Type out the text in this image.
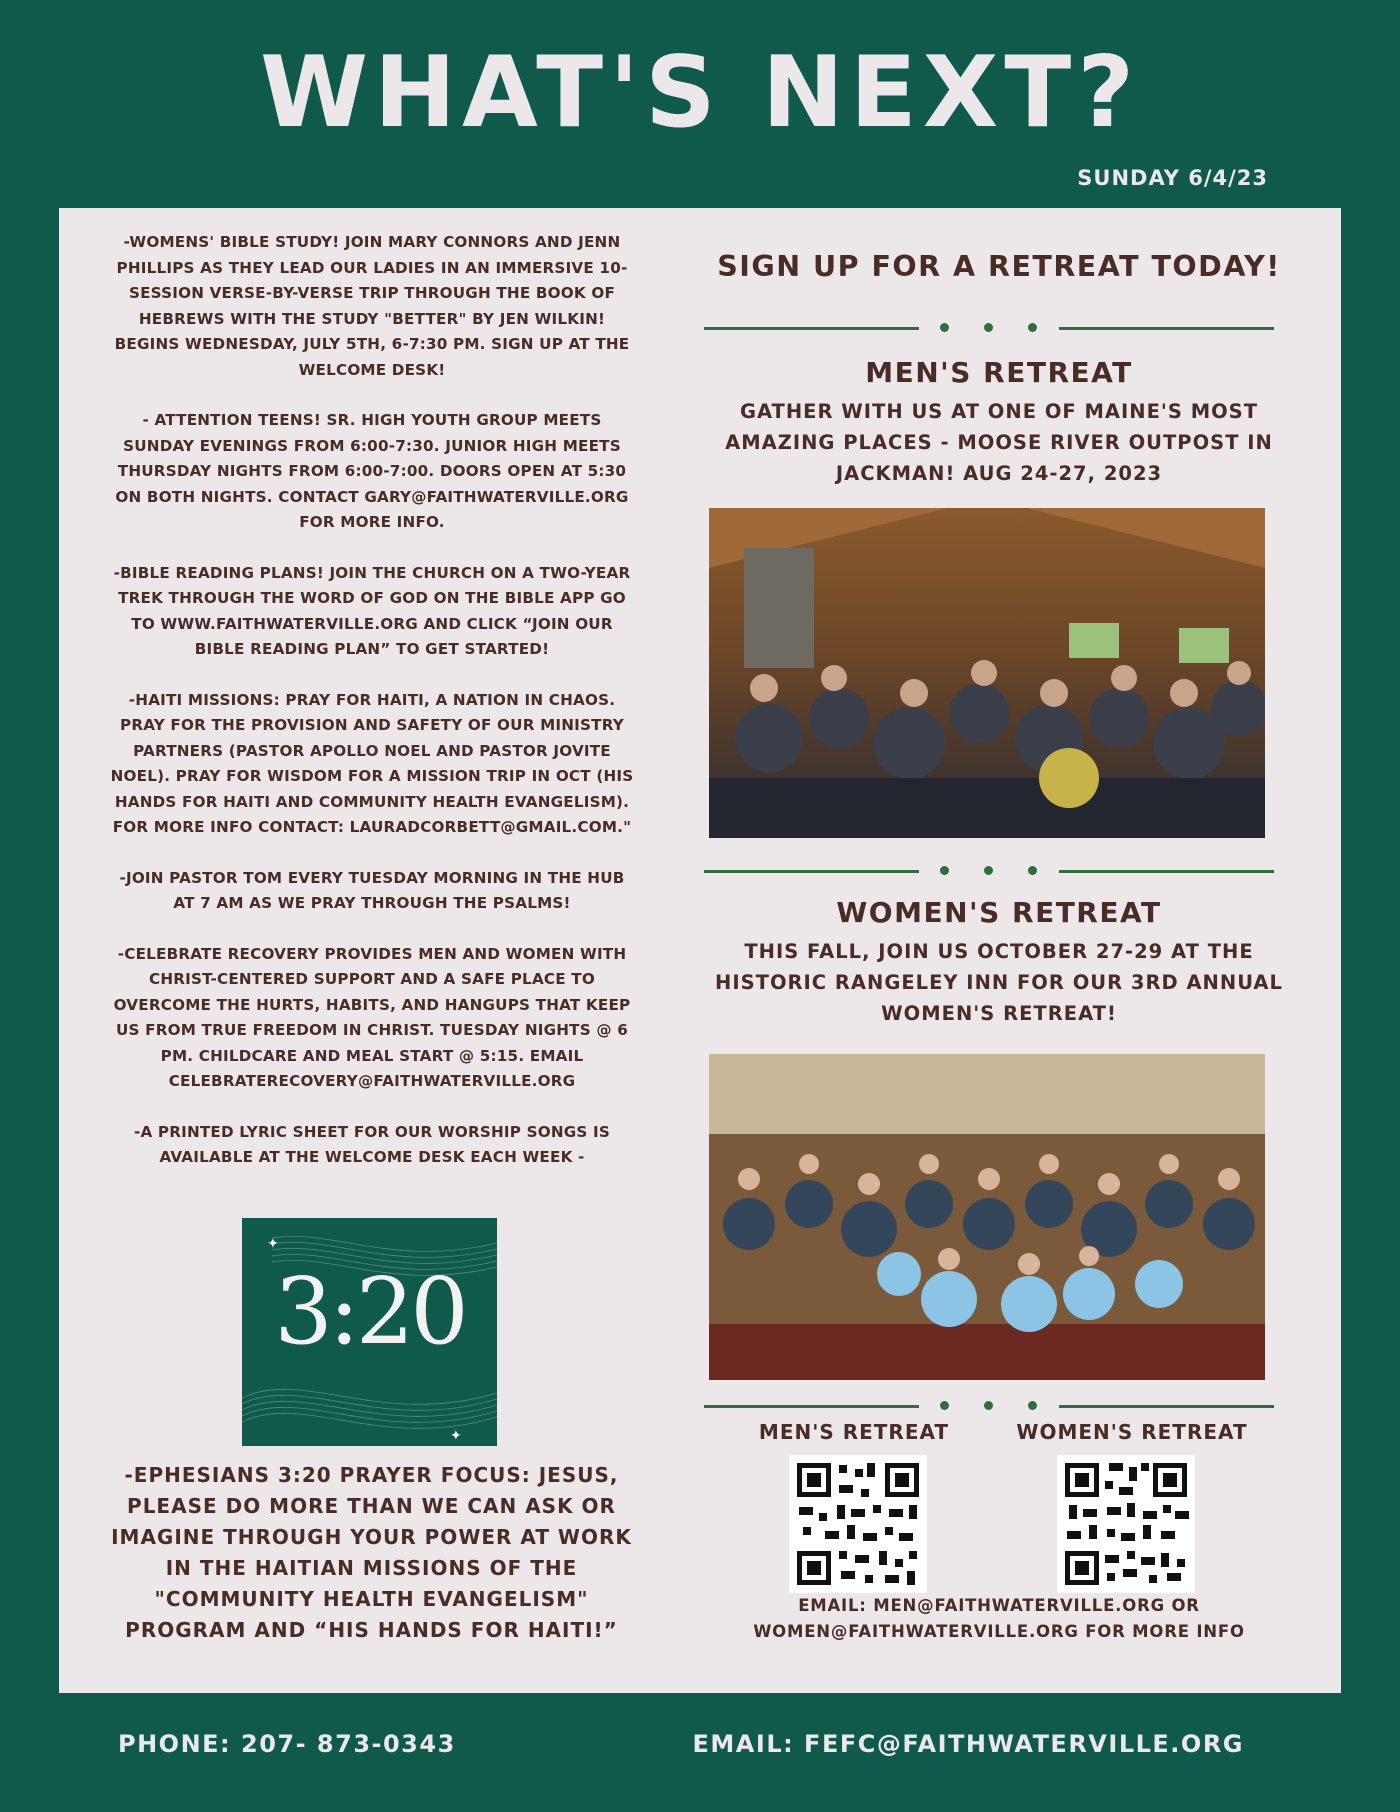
WHAT'S NEXT?
SUNDAY 6/4/23

-WOMENS' BIBLE STUDY! JOIN MARY CONNORS AND JENN PHILLIPS AS THEY LEAD OUR LADIES IN AN IMMERSIVE 10-SESSION VERSE-BY-VERSE TRIP THROUGH THE BOOK OF HEBREWS WITH THE STUDY "BETTER" BY JEN WILKIN! BEGINS WEDNESDAY, JULY 5TH, 6-7:30 PM. SIGN UP AT THE WELCOME DESK!

- ATTENTION TEENS! SR. HIGH YOUTH GROUP MEETS SUNDAY EVENINGS FROM 6:00-7:30. JUNIOR HIGH MEETS THURSDAY NIGHTS FROM 6:00-7:00. DOORS OPEN AT 5:30 ON BOTH NIGHTS. CONTACT GARY@FAITHWATERVILLE.ORG FOR MORE INFO.

-BIBLE READING PLANS! JOIN THE CHURCH ON A TWO-YEAR TREK THROUGH THE WORD OF GOD ON THE BIBLE APP GO TO WWW.FAITHWATERVILLE.ORG AND CLICK “JOIN OUR BIBLE READING PLAN” TO GET STARTED!

-HAITI MISSIONS: PRAY FOR HAITI, A NATION IN CHAOS. PRAY FOR THE PROVISION AND SAFETY OF OUR MINISTRY PARTNERS (PASTOR APOLLO NOEL AND PASTOR JOVITE NOEL). PRAY FOR WISDOM FOR A MISSION TRIP IN OCT (HIS HANDS FOR HAITI AND COMMUNITY HEALTH EVANGELISM). FOR MORE INFO CONTACT: LAURADCORBETT@GMAIL.COM."

-JOIN PASTOR TOM EVERY TUESDAY MORNING IN THE HUB AT 7 AM AS WE PRAY THROUGH THE PSALMS!

-CELEBRATE RECOVERY PROVIDES MEN AND WOMEN WITH CHRIST-CENTERED SUPPORT AND A SAFE PLACE TO OVERCOME THE HURTS, HABITS, AND HANGUPS THAT KEEP US FROM TRUE FREEDOM IN CHRIST. TUESDAY NIGHTS @ 6 PM. CHILDCARE AND MEAL START @ 5:15. EMAIL CELEBRATERECOVERY@FAITHWATERVILLE.ORG

-A PRINTED LYRIC SHEET FOR OUR WORSHIP SONGS IS AVAILABLE AT THE WELCOME DESK EACH WEEK -

✦
✦
3:20
-EPHESIANS 3:20 PRAYER FOCUS: JESUS, PLEASE DO MORE THAN WE CAN ASK OR IMAGINE THROUGH YOUR POWER AT WORK IN THE HAITIAN MISSIONS OF THE "COMMUNITY HEALTH EVANGELISM" PROGRAM AND “HIS HANDS FOR HAITI!”
SIGN UP FOR A RETREAT TODAY!
MEN'S RETREAT
GATHER WITH US AT ONE OF MAINE'S MOST AMAZING PLACES - MOOSE RIVER OUTPOST IN JACKMAN! AUG 24-27, 2023
WOMEN'S RETREAT
THIS FALL, JOIN US OCTOBER 27-29 AT THE HISTORIC RANGELEY INN FOR OUR 3RD ANNUAL WOMEN'S RETREAT!
MEN'S RETREAT	WOMEN'S RETREAT
EMAIL: MEN@FAITHWATERVILLE.ORG OR WOMEN@FAITHWATERVILLE.ORG FOR MORE INFO
PHONE: 207- 873-0343	EMAIL: FEFC@FAITHWATERVILLE.ORG
